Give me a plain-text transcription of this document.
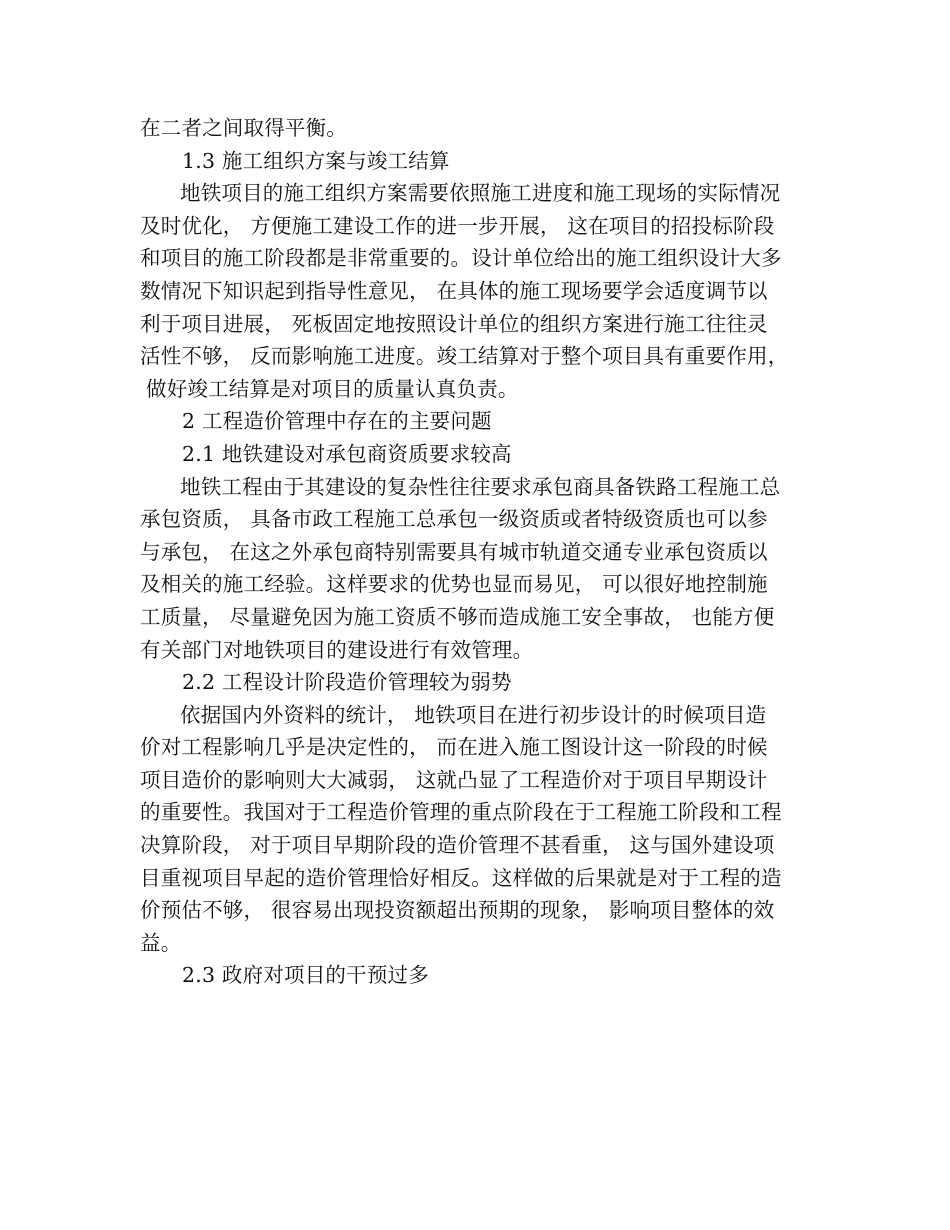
在二者之间取得平衡。
1.3 施工组织方案与竣工结算
地铁项目的施工组织方案需要依照施工进度和施工现场的实际情况
及时优化， 方便施工建设工作的进一步开展， 这在项目的招投标阶段
和项目的施工阶段都是非常重要的。设计单位给出的施工组织设计大多
数情况下知识起到指导性意见， 在具体的施工现场要学会适度调节以
利于项目进展， 死板固定地按照设计单位的组织方案进行施工往往灵
活性不够， 反而影响施工进度。竣工结算对于整个项目具有重要作用，
做好竣工结算是对项目的质量认真负责。
2 工程造价管理中存在的主要问题
2.1 地铁建设对承包商资质要求较高
地铁工程由于其建设的复杂性往往要求承包商具备铁路工程施工总
承包资质， 具备市政工程施工总承包一级资质或者特级资质也可以参
与承包， 在这之外承包商特别需要具有城市轨道交通专业承包资质以
及相关的施工经验。这样要求的优势也显而易见， 可以很好地控制施
工质量， 尽量避免因为施工资质不够而造成施工安全事故， 也能方便
有关部门对地铁项目的建设进行有效管理。
2.2 工程设计阶段造价管理较为弱势
依据国内外资料的统计， 地铁项目在进行初步设计的时候项目造
价对工程影响几乎是决定性的， 而在进入施工图设计这一阶段的时候
项目造价的影响则大大减弱， 这就凸显了工程造价对于项目早期设计
的重要性。我国对于工程造价管理的重点阶段在于工程施工阶段和工程
决算阶段， 对于项目早期阶段的造价管理不甚看重， 这与国外建设项
目重视项目早起的造价管理恰好相反。这样做的后果就是对于工程的造
价预估不够， 很容易出现投资额超出预期的现象， 影响项目整体的效
益。
2.3 政府对项目的干预过多
